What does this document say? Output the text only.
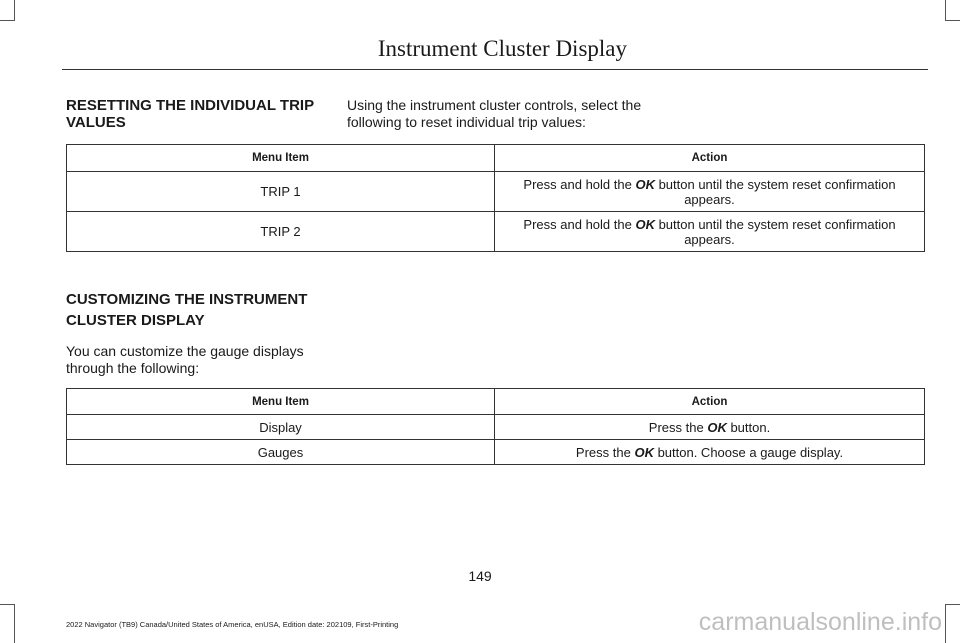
Instrument Cluster Display
RESETTING THE INDIVIDUAL TRIP VALUES
Using the instrument cluster controls, select the following to reset individual trip values:
Menu Item	Action
TRIP 1	Press and hold the OK button until the system reset confirmation appears.
TRIP 2	Press and hold the OK button until the system reset confirmation appears.
CUSTOMIZING THE INSTRUMENT CLUSTER DISPLAY
You can customize the gauge displays through the following:
Menu Item	Action
Display	Press the OK button.
Gauges	Press the OK button. Choose a gauge display.
149
2022 Navigator (TB9) Canada/United States of America, enUSA, Edition date: 202109, First-Printing	carmanualsonline.info
